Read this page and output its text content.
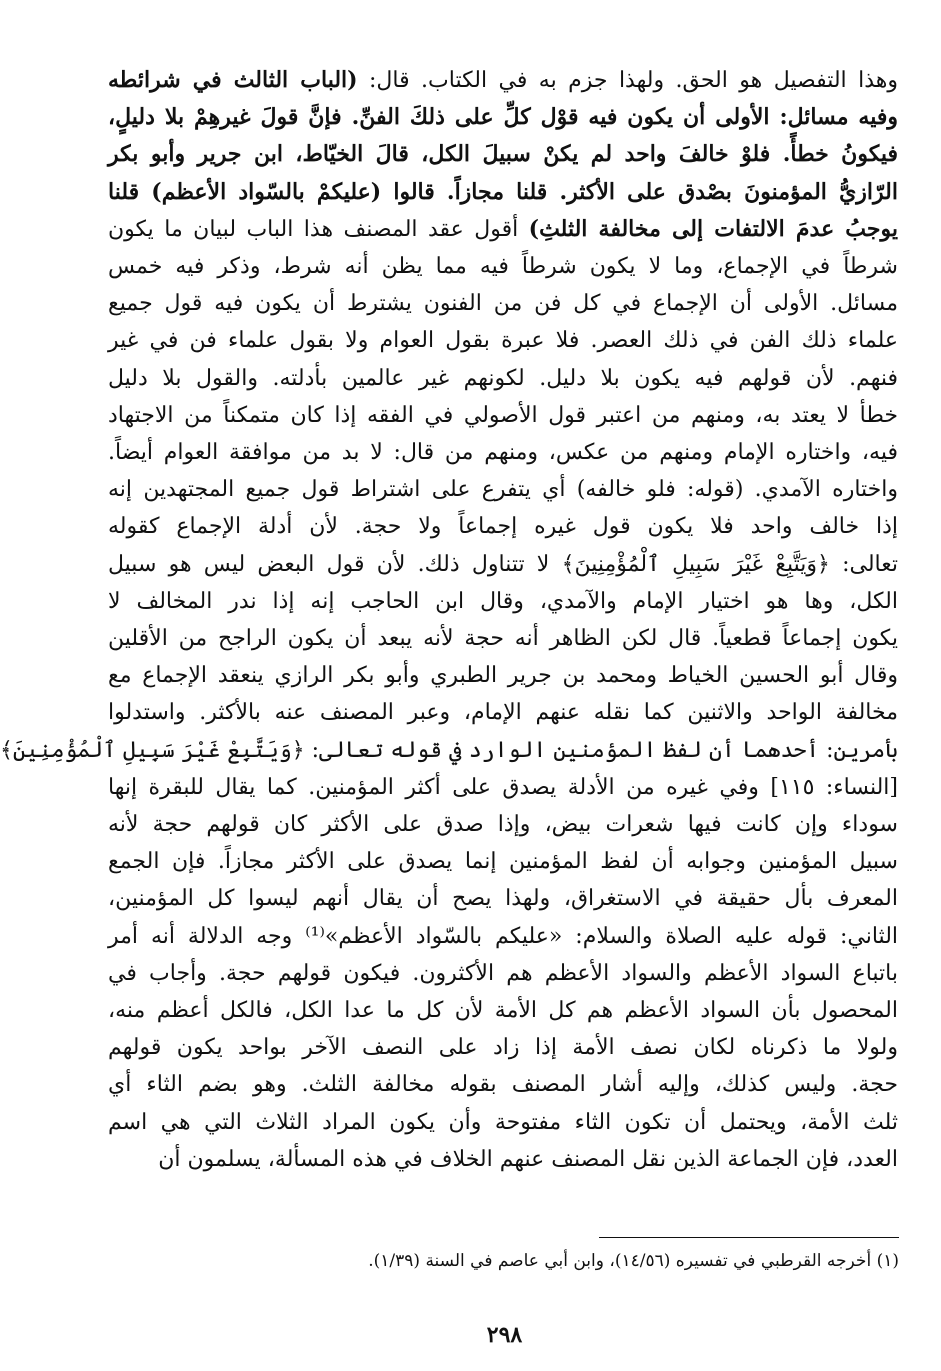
وهذا التفصيل هو الحق. ولهذا جزم به في الكتاب. قال: (الباب الثالث في شرائطه
وفيه مسائل: الأولى أن يكون فيه قوْل كلِّ على ذلكَ الفنِّ. فإنَّ قولَ غيرهِمْ بلا دليلٍ،
فيكونُ خطأً. فلوْ خالفَ واحد لم يكنْ سبيلَ الكل، قالَ الخيّاط، ابن جرير وأبو بكر
الرّازيُّ المؤمنونَ بصْدق على الأكثر. قلنا مجازاً. قالوا (عليكمْ بالسّواد الأعظم) قلنا
يوجبُ عدمَ الالتفات إلى مخالفة الثلثِ) أقول عقد المصنف هذا الباب لبيان ما يكون
شرطاً في الإجماع، وما لا يكون شرطاً فيه مما يظن أنه شرط، وذكر فيه خمس
مسائل. الأولى أن الإجماع في كل فن من الفنون يشترط أن يكون فيه قول جميع
علماء ذلك الفن في ذلك العصر. فلا عبرة بقول العوام ولا بقول علماء فن في غير
فنهم. لأن قولهم فيه يكون بلا دليل. لكونهم غير عالمين بأدلته. والقول بلا دليل
خطأ لا يعتد به، ومنهم من اعتبر قول الأصولي في الفقه إذا كان متمكناً من الاجتهاد
فيه، واختاره الإمام ومنهم من عكس، ومنهم من قال: لا بد من موافقة العوام أيضاً.
واختاره الآمدي. (قوله: فلو خالفه) أي يتفرع على اشتراط قول جميع المجتهدين إنه
إذا خالف واحد فلا يكون قول غيره إجماعاً ولا حجة. لأن أدلة الإجماع كقوله
تعالى: ﴿وَيَتَّبِعْ غَيْرَ سَبِيلِ ٱلْمُؤْمِنِينَ﴾ لا تتناول ذلك. لأن قول البعض ليس هو سبيل
الكل، وها هو اختيار الإمام والآمدي، وقال ابن الحاجب إنه إذا ندر المخالف لا
يكون إجماعاً قطعياً. قال لكن الظاهر أنه حجة لأنه يبعد أن يكون الراجح من الأقلين
وقال أبو الحسين الخياط ومحمد بن جرير الطبري وأبو بكر الرازي ينعقد الإجماع مع
مخالفة الواحد والاثنين كما نقله عنهم الإمام، وعبر المصنف عنه بالأكثر. واستدلوا
بأمرين: أحدهما أن لفظ المؤمنين الوارد في قوله تعالى: ﴿وَيَتَّبِعْ غَيْرَ سَبِيلِ ٱلْمُؤْمِنِينَ﴾
[النساء: ١١٥] وفي غيره من الأدلة يصدق على أكثر المؤمنين. كما يقال للبقرة إنها
سوداء وإن كانت فيها شعرات بيض، وإذا صدق على الأكثر كان قولهم حجة لأنه
سبيل المؤمنين وجوابه أن لفظ المؤمنين إنما يصدق على الأكثر مجازاً. فإن الجمع
المعرف بأل حقيقة في الاستغراق، ولهذا يصح أن يقال أنهم ليسوا كل المؤمنين،
الثاني: قوله عليه الصلاة والسلام: «عليكم بالسّواد الأعظم»⁽¹⁾ وجه الدلالة أنه أمر
باتباع السواد الأعظم والسواد الأعظم هم الأكثرون. فيكون قولهم حجة. وأجاب في
المحصول بأن السواد الأعظم هم كل الأمة لأن كل ما عدا الكل، فالكل أعظم منه،
ولولا ما ذكرناه لكان نصف الأمة إذا زاد على النصف الآخر بواحد يكون قولهم
حجة. وليس كذلك، وإليه أشار المصنف بقوله مخالفة الثلث. وهو بضم الثاء أي
ثلث الأمة، ويحتمل أن تكون الثاء مفتوحة وأن يكون المراد الثلاث التي هي اسم
العدد، فإن الجماعة الذين نقل المصنف عنهم الخلاف في هذه المسألة، يسلمون أن
(١) أخرجه القرطبي في تفسيره (١٤/٥٦)، وابن أبي عاصم في السنة (١/٣٩).
٢٩٨
